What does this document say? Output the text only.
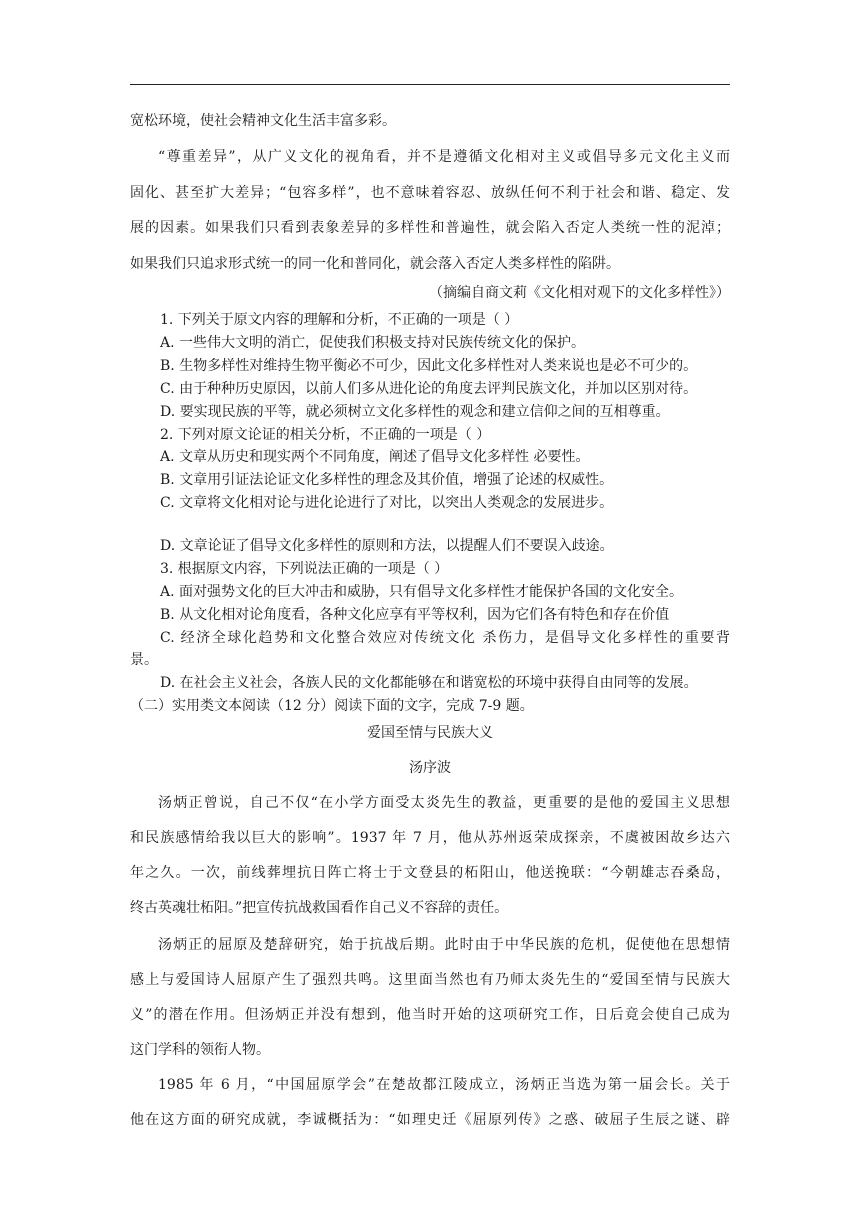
宽松环境，使社会精神文化生活丰富多彩。
“尊重差异”，从广义文化的视角看，并不是遵循文化相对主义或倡导多元文化主义而
固化、甚至扩大差异；“包容多样”，也不意味着容忍、放纵任何不利于社会和谐、稳定、发
展的因素。如果我们只看到表象差异的多样性和普遍性，就会陷入否定人类统一性的泥淖；
如果我们只追求形式统一的同一化和普同化，就会落入否定人类多样性的陷阱。
（摘编自商文莉《文化相对观下的文化多样性》）
1. 下列关于原文内容的理解和分析，不正确的一项是（ ）
A. 一些伟大文明的消亡，促使我们积极支持对民族传统文化的保护。
B. 生物多样性对维持生物平衡必不可少，因此文化多样性对人类来说也是必不可少的。
C. 由于种种历史原因，以前人们多从进化论的角度去评判民族文化，并加以区别对待。
D. 要实现民族的平等，就必须树立文化多样性的观念和建立信仰之间的互相尊重。
2. 下列对原文论证的相关分析，不正确的一项是（ ）
A. 文章从历史和现实两个不同角度，阐述了倡导文化多样性 必要性。
B. 文章用引证法论证文化多样性的理念及其价值，增强了论述的权威性。
C. 文章将文化相对论与进化论进行了对比，以突出人类观念的发展进步。
D. 文章论证了倡导文化多样性的原则和方法，以提醒人们不要误入歧途。
3. 根据原文内容，下列说法正确的一项是（ ）
A. 面对强势文化的巨大冲击和威胁，只有倡导文化多样性才能保护各国的文化安全。
B. 从文化相对论角度看，各种文化应享有平等权利，因为它们各有特色和存在价值
C. 经济全球化趋势和文化整合效应对传统文化 杀伤力，是倡导文化多样性的重要背
景。
D. 在社会主义社会，各族人民的文化都能够在和谐宽松的环境中获得自由同等的发展。
（二）实用类文本阅读（12 分）阅读下面的文字，完成 7-9 题。
爱国至情与民族大义
汤序波
汤炳正曾说，自己不仅“在小学方面受太炎先生的教益，更重要的是他的爱国主义思想
和民族感情给我以巨大的影响”。1937 年 7 月，他从苏州返荣成探亲，不虞被困故乡达六
年之久。一次，前线葬埋抗日阵亡将士于文登县的柘阳山，他送挽联：“今朝雄志吞桑岛，
终古英魂壮柘阳。”把宣传抗战救国看作自己义不容辞的责任。
汤炳正的屈原及楚辞研究，始于抗战后期。此时由于中华民族的危机，促使他在思想情
感上与爱国诗人屈原产生了强烈共鸣。这里面当然也有乃师太炎先生的“爱国至情与民族大
义”的潜在作用。但汤炳正并没有想到，他当时开始的这项研究工作，日后竟会使自己成为
这门学科的领衔人物。
1985 年 6 月，“中国屈原学会”在楚故都江陵成立，汤炳正当选为第一届会长。关于
他在这方面的研究成就，李诚概括为：“如理史迁《屈原列传》之惑、破屈子生辰之谜、辟
